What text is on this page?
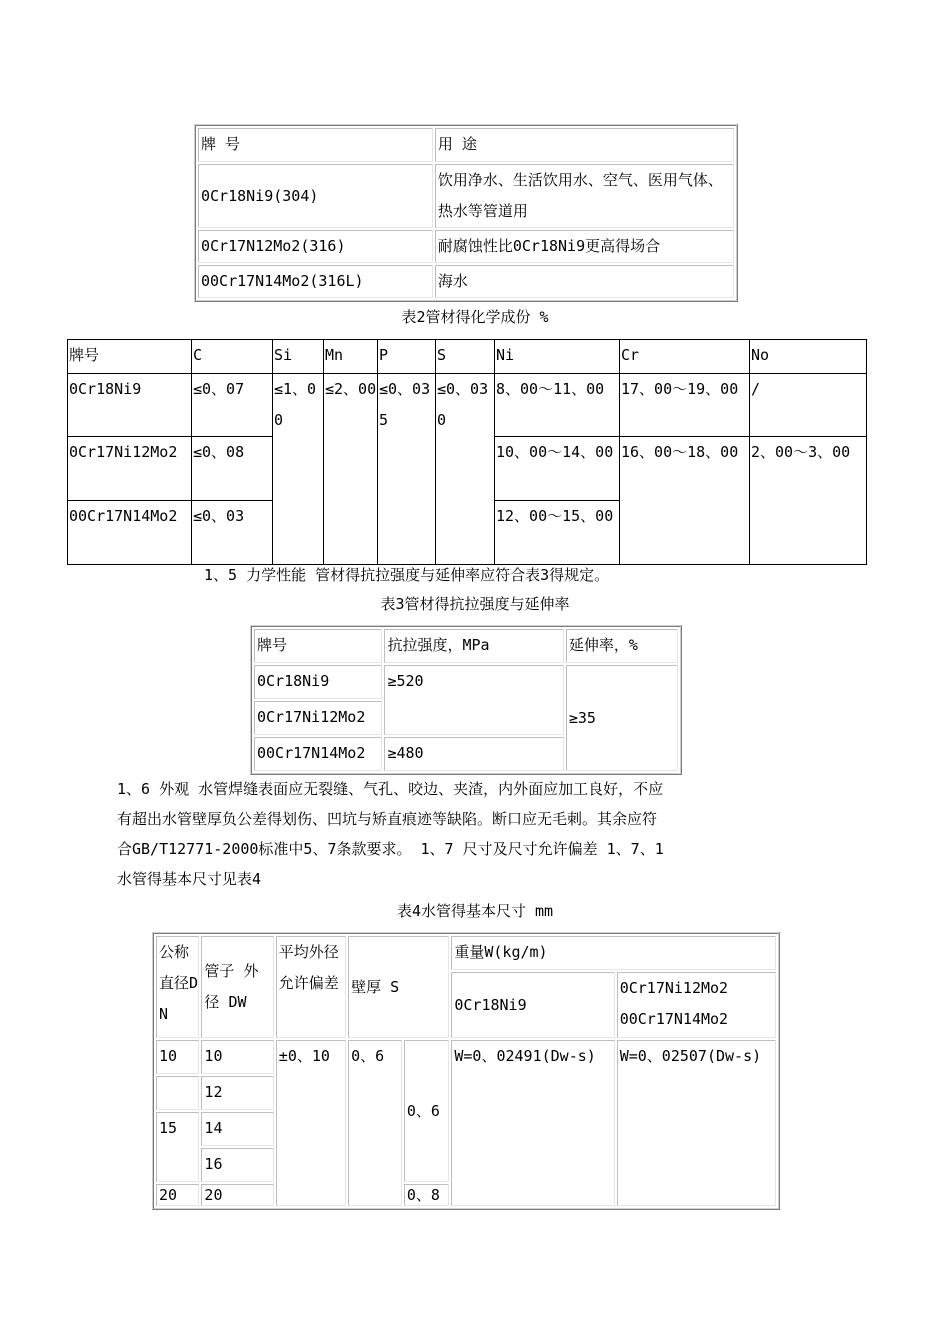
牌 号	用 途
0Cr18Ni9(304)	饮用净水、生活饮用水、空气、医用气体、热水等管道用
0Cr17N12Mo2(316)	耐腐蚀性比0Cr18Ni9更高得场合
00Cr17N14Mo2(316L)	海水
表2管材得化学成份 %
牌号	C	Si	Mn	P	S	Ni	Cr	No
0Cr18Ni9	≤0、07	≤1、00	≤2、00	≤0、035	≤0、030	8、00～11、00	17、00～19、00	/
0Cr17Ni12Mo2	≤0、08					10、00～14、00	16、00～18、00	2、00～3、00
00Cr17N14Mo2	≤0、03					12、00～15、00		
1、5 力学性能 管材得抗拉强度与延伸率应符合表3得规定。
表3管材得抗拉强度与延伸率
牌号	抗拉强度，MPa	延伸率，%
0Cr18Ni9	≥520	≥35
0Cr17Ni12Mo2		
00Cr17N14Mo2	≥480	
1、6 外观 水管焊缝表面应无裂缝、气孔、咬边、夹渣，内外面应加工良好，不应
有超出水管壁厚负公差得划伤、凹坑与矫直痕迹等缺陷。断口应无毛刺。其余应符
合GB/T12771-2000标准中5、7条款要求。 1、7 尺寸及尺寸允许偏差 1、7、1
水管得基本尺寸见表4
表4水管得基本尺寸 mm
公称直径DN	管子 外径 DW	平均外径允许偏差	壁厚 S		重量W(kg/m)	
					0Cr18Ni9	0Cr17Ni12Mo2
00Cr17N14Mo2

10	10	±0、10	0、6	0、6	W=0、02491(Dw-s)	W=0、02507(Dw-s)
	12					
15	14					
	16					
20	20			0、8		
